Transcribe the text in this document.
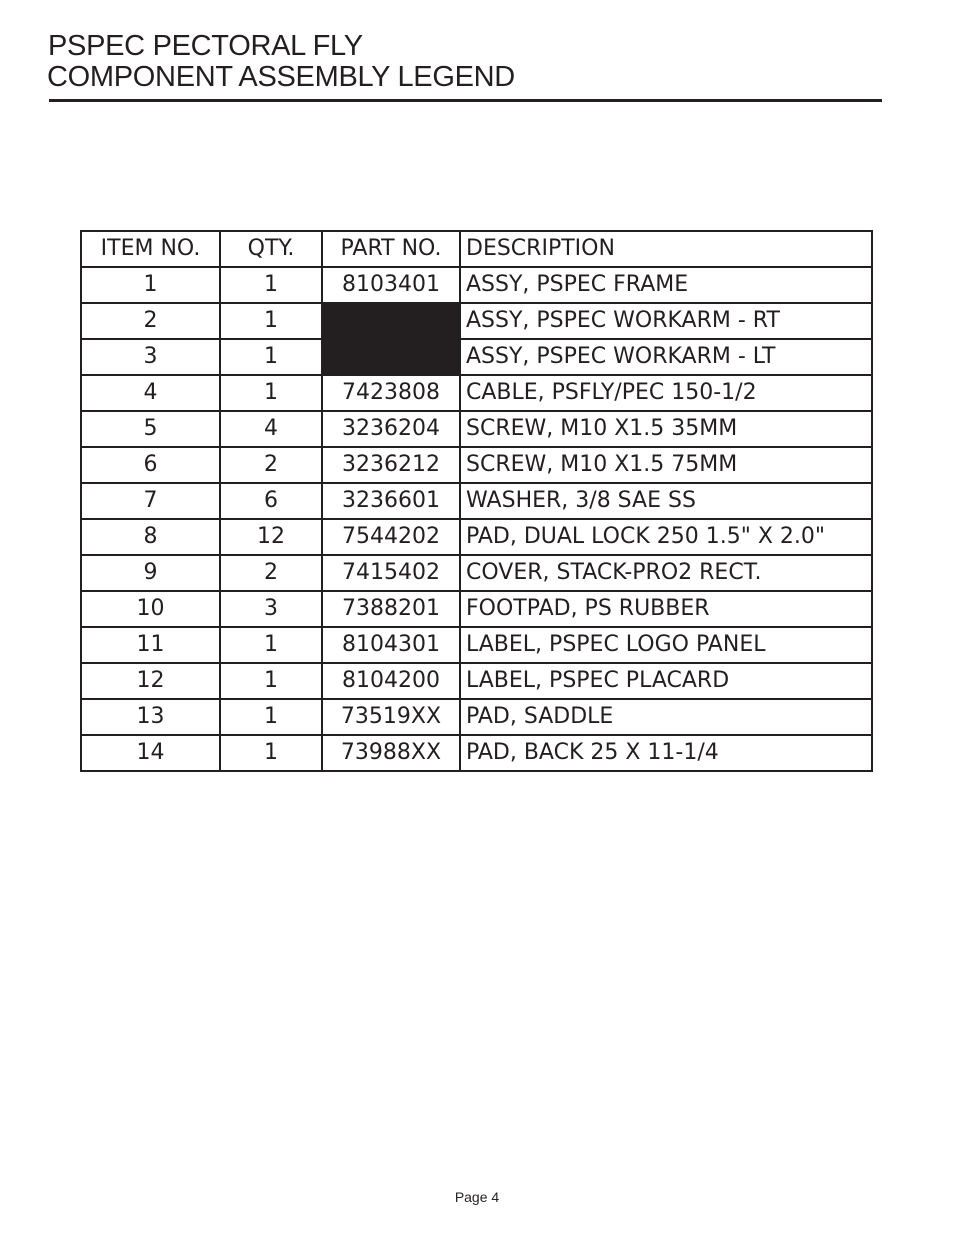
PSPEC PECTORAL FLY
COMPONENT ASSEMBLY LEGEND
ITEM NO.	QTY.	PART NO.	DESCRIPTION
1	1	8103401	ASSY, PSPEC FRAME
2	1		ASSY, PSPEC WORKARM - RT
3	1		ASSY, PSPEC WORKARM - LT
4	1	7423808	CABLE, PSFLY/PEC 150-1/2
5	4	3236204	SCREW, M10 X1.5 35MM
6	2	3236212	SCREW, M10 X1.5 75MM
7	6	3236601	WASHER, 3/8 SAE SS
8	12	7544202	PAD, DUAL LOCK 250 1.5" X 2.0"
9	2	7415402	COVER, STACK-PRO2 RECT.
10	3	7388201	FOOTPAD, PS RUBBER
11	1	8104301	LABEL, PSPEC LOGO PANEL
12	1	8104200	LABEL, PSPEC PLACARD
13	1	73519XX	PAD, SADDLE
14	1	73988XX	PAD, BACK 25 X 11-1/4
Page 4
